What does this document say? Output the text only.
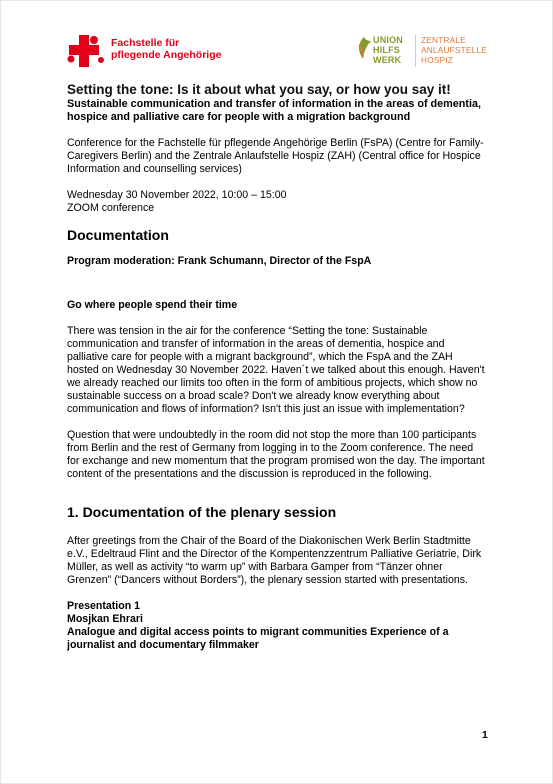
Fachstelle für
pflegende Angehörige
UNION
HILFS
WERK
ZENTRALE
ANLAUFSTELLE
HOSPIZ
Setting the tone: Is it about what you say, or how you say it!

Sustainable communication and transfer of information in the areas of dementia, hospice and palliative care for people with a migration background

Conference for the Fachstelle für pflegende Angehörige Berlin (FsPA) (Centre for Family-Caregivers Berlin) and the Zentrale Anlaufstelle Hospiz (ZAH) (Central office for Hospice Information and counselling services)

Wednesday 30 November 2022, 10:00 – 15:00

ZOOM conference

Documentation

Program moderation: Frank Schumann, Director of the FspA

Go where people spend their time

There was tension in the air for the conference “Setting the tone: Sustainable communication and transfer of information in the areas of dementia, hospice and palliative care for people with a migrant background”, which the FspA and the ZAH hosted on Wednesday 30 November 2022. Haven´t we talked about this enough. Haven't we already reached our limits too often in the form of ambitious projects, which show no sustainable success on a broad scale? Don't we already know everything about communication and flows of information? Isn't this just an issue with implementation?

Question that were undoubtedly in the room did not stop the more than 100 participants from Berlin and the rest of Germany from logging in to the Zoom conference. The need for exchange and new momentum that the program promised won the day. The important content of the presentations and the discussion is reproduced in the following.

1. Documentation of the plenary session

After greetings from the Chair of the Board of the Diakonischen Werk Berlin Stadtmitte e.V., Edeltraud Flint and the Director of the Kompentenzzentrum Palliative Geriatrie, Dirk Müller, as well as activity “to warm up” with Barbara Gamper from “Tänzer ohner Grenzen” (“Dancers without Borders”), the plenary session started with presentations.

Presentation 1

Mosjkan Ehrari

Analogue and digital access points to migrant communities Experience of a journalist and documentary filmmaker

1
